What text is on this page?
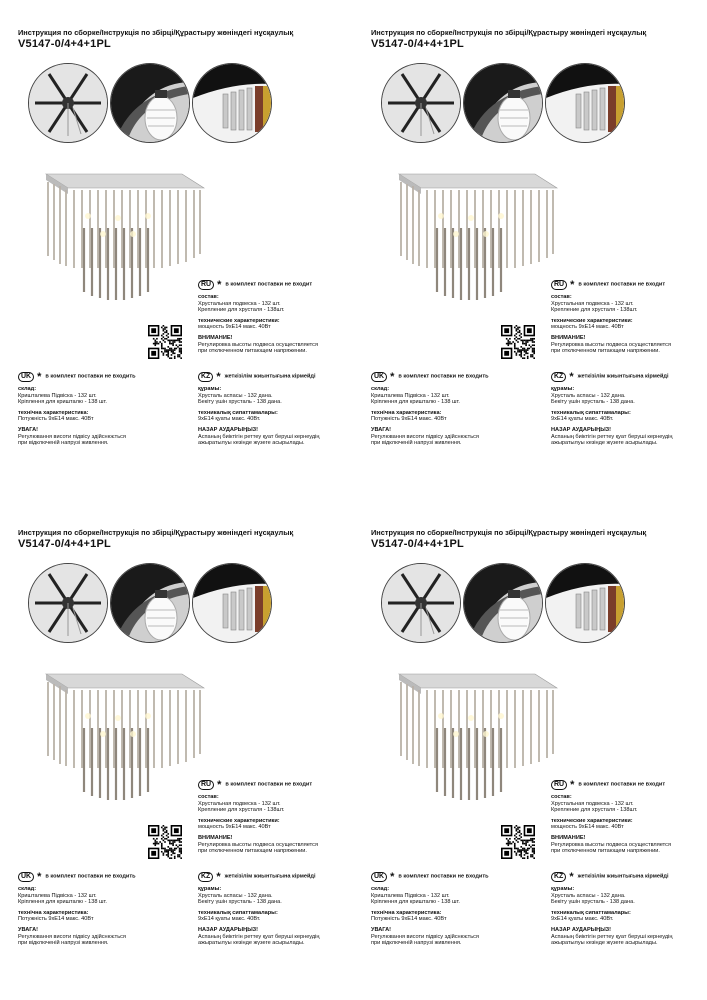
Инструкция по сборке/Інструкція по збірці/Құрастыру жөніндегі нұсқаулық
V5147-0/4+4+1PL
RU * в комплект поставки не входит
состав:
Хрустальная подвеска - 132 шт.
Крепление для хрусталя - 138шт.
технические характеристики:
мощность 9xE14 макс. 40Вт
ВНИМАНИЕ!
Регулировка высоты подвеса осуществляется
при отключенном питающем напряжении.
UK * в комплект поставки не входить
склад:
Кришталева Підвіска - 132 шт.
Кріплення для кришталю - 138 шт.
технічна характеристика:
Потужність 9xE14 макс. 40Вт
УВАГА!
Регулювання висоти підвісу здійснюється
при відключеній напрузі живлення.
KZ * жеткізілім жиынтығына кірмейді
құрамы:
Хрусталь аспасы - 132 дана.
Бекіту үшін хрусталь - 138 дана.
техникалық сипаттамалары:
9xE14 қуаты макс. 40Вт.
НАЗАР АУДАРЫҢЫЗ!
Аспаның биіктігін реттеу қуат беруші кернеудің
ажыратылуы кезінде жүзеге асырылады.
Инструкция по сборке/Інструкція по збірці/Құрастыру жөніндегі нұсқаулық
V5147-0/4+4+1PL
RU * в комплект поставки не входит
состав:
Хрустальная подвеска - 132 шт.
Крепление для хрусталя - 138шт.
технические характеристики:
мощность 9xE14 макс. 40Вт
ВНИМАНИЕ!
Регулировка высоты подвеса осуществляется
при отключенном питающем напряжении.
UK * в комплект поставки не входить
склад:
Кришталева Підвіска - 132 шт.
Кріплення для кришталю - 138 шт.
технічна характеристика:
Потужність 9xE14 макс. 40Вт
УВАГА!
Регулювання висоти підвісу здійснюється
при відключеній напрузі живлення.
KZ * жеткізілім жиынтығына кірмейді
құрамы:
Хрусталь аспасы - 132 дана.
Бекіту үшін хрусталь - 138 дана.
техникалық сипаттамалары:
9xE14 қуаты макс. 40Вт.
НАЗАР АУДАРЫҢЫЗ!
Аспаның биіктігін реттеу қуат беруші кернеудің
ажыратылуы кезінде жүзеге асырылады.
Инструкция по сборке/Інструкція по збірці/Құрастыру жөніндегі нұсқаулық
V5147-0/4+4+1PL
RU * в комплект поставки не входит
состав:
Хрустальная подвеска - 132 шт.
Крепление для хрусталя - 138шт.
технические характеристики:
мощность 9xE14 макс. 40Вт
ВНИМАНИЕ!
Регулировка высоты подвеса осуществляется
при отключенном питающем напряжении.
UK * в комплект поставки не входить
склад:
Кришталева Підвіска - 132 шт.
Кріплення для кришталю - 138 шт.
технічна характеристика:
Потужність 9xE14 макс. 40Вт
УВАГА!
Регулювання висоти підвісу здійснюється
при відключеній напрузі живлення.
KZ * жеткізілім жиынтығына кірмейді
құрамы:
Хрусталь аспасы - 132 дана.
Бекіту үшін хрусталь - 138 дана.
техникалық сипаттамалары:
9xE14 қуаты макс. 40Вт.
НАЗАР АУДАРЫҢЫЗ!
Аспаның биіктігін реттеу қуат беруші кернеудің
ажыратылуы кезінде жүзеге асырылады.
Инструкция по сборке/Інструкція по збірці/Құрастыру жөніндегі нұсқаулық
V5147-0/4+4+1PL
RU * в комплект поставки не входит
состав:
Хрустальная подвеска - 132 шт.
Крепление для хрусталя - 138шт.
технические характеристики:
мощность 9xE14 макс. 40Вт
ВНИМАНИЕ!
Регулировка высоты подвеса осуществляется
при отключенном питающем напряжении.
UK * в комплект поставки не входить
склад:
Кришталева Підвіска - 132 шт.
Кріплення для кришталю - 138 шт.
технічна характеристика:
Потужність 9xE14 макс. 40Вт
УВАГА!
Регулювання висоти підвісу здійснюється
при відключеній напрузі живлення.
KZ * жеткізілім жиынтығына кірмейді
құрамы:
Хрусталь аспасы - 132 дана.
Бекіту үшін хрусталь - 138 дана.
техникалық сипаттамалары:
9xE14 қуаты макс. 40Вт.
НАЗАР АУДАРЫҢЫЗ!
Аспаның биіктігін реттеу қуат беруші кернеудің
ажыратылуы кезінде жүзеге асырылады.
